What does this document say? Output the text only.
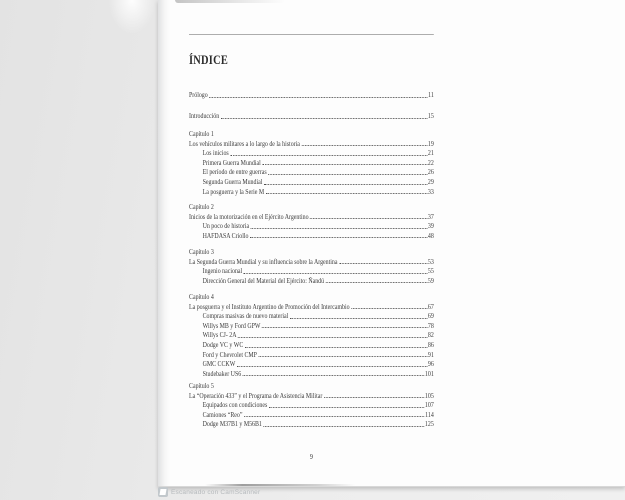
ÍNDICE
Prólogo	11
Introducción	15
Capítulo 1
Los vehículos militares a lo largo de la historia	19
Los inicios	21
Primera Guerra Mundial	22
El período de entre guerras	26
Segunda Guerra Mundial	29
La posguerra y la Serie M	33
Capítulo 2
Inicios de la motorización en el Ejército Argentino	37
Un poco de historia	39
HAFDASA Criollo	48
Capítulo 3
La Segunda Guerra Mundial y su influencia sobre la Argentina	53
Ingenio nacional	55
Dirección General del Material del Ejército: Ñandú	59
Capítulo 4
La posguerra y el Instituto Argentino de Promoción del Intercambio	67
Compras masivas de nuevo material	69
Willys MB y Ford GPW	78
Willys CJ- 2A	82
Dodge VC y WC	86
Ford y Chevrolet CMP	91
GMC CCKW	96
Studebaker US6	101
Capítulo 5
La “Operación 433” y el Programa de Asistencia Militar	105
Equipados con condiciones	107
Camiones “Reo”	114
Dodge M37B1 y M56B1	125
9
Escaneado con CamScanner
